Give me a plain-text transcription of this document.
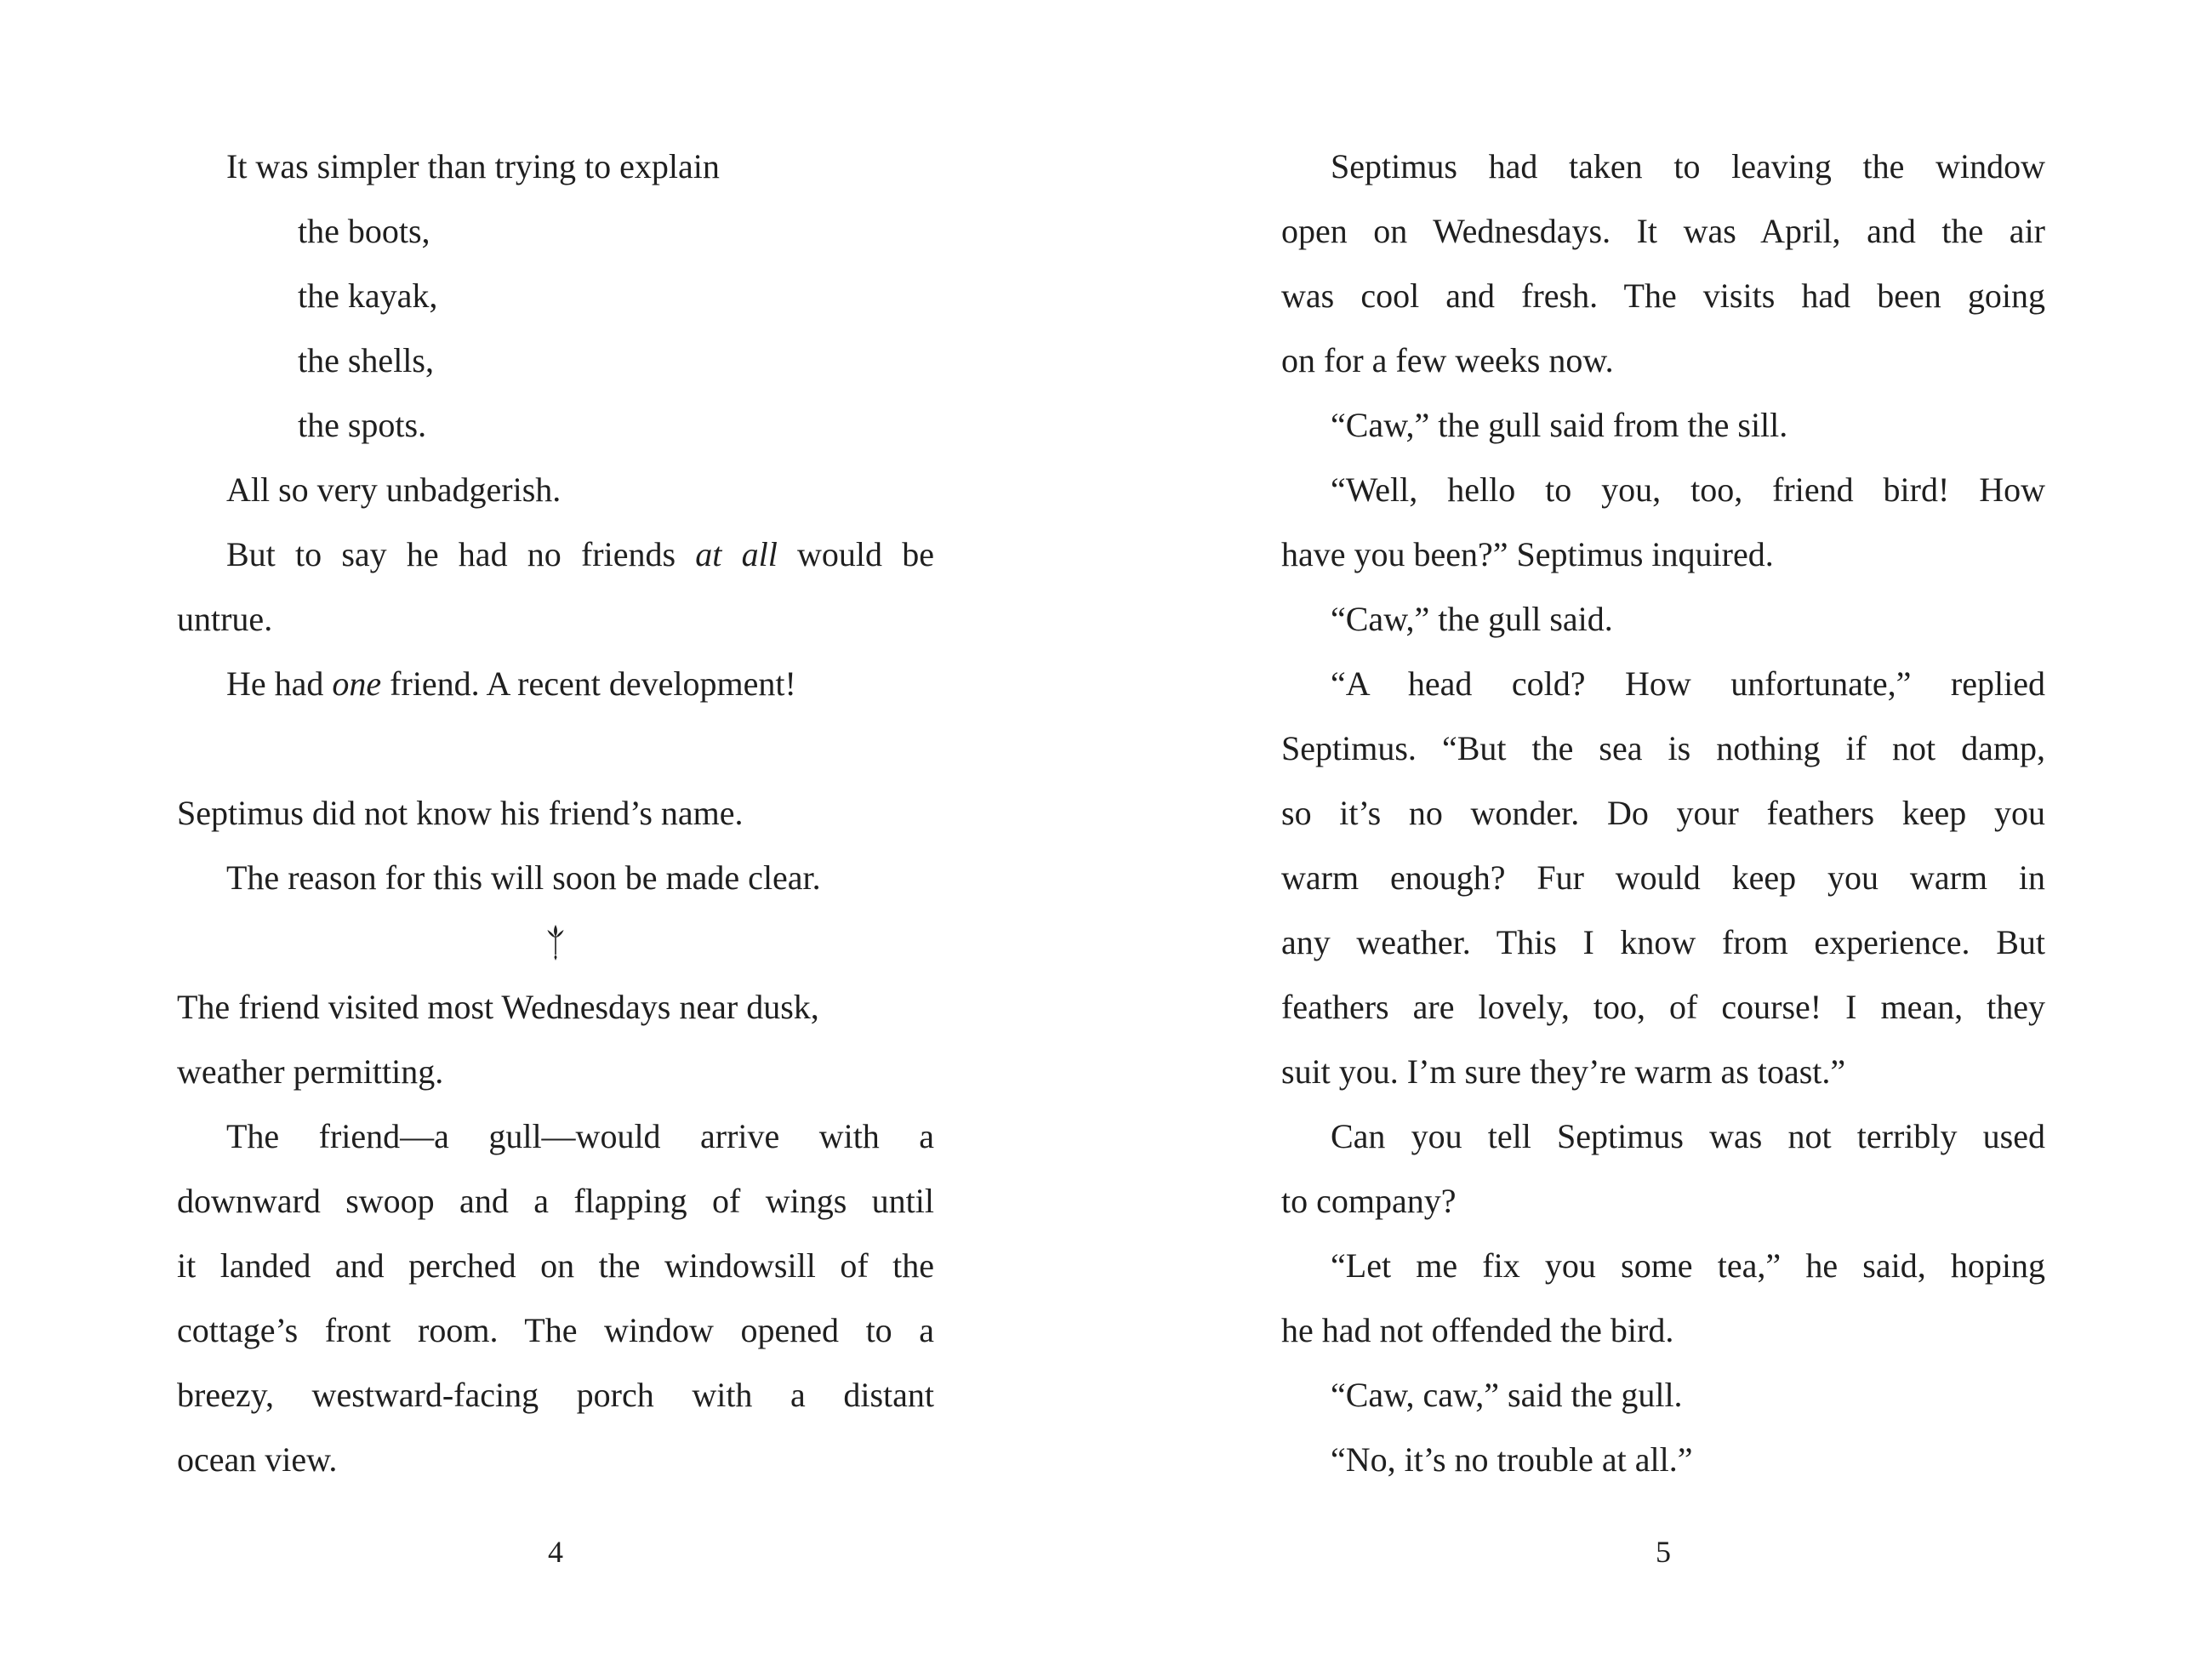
It was simpler than trying to explain
the boots,
the kayak,
the shells,
the spots.
All so very unbadgerish.
But to say he had no friends at all would be
untrue.
He had one friend. A recent development!
Septimus did not know his friend’s name.
The reason for this will soon be made clear.
The friend visited most Wednesdays near dusk,
weather permitting.
The friend—a gull—would arrive with a
downward swoop and a flapping of wings until
it landed and perched on the windowsill of the
cottage’s front room. The window opened to a
breezy, westward-facing porch with a distant
ocean view.
4
Septimus had taken to leaving the window
open on Wednesdays. It was April, and the air
was cool and fresh. The visits had been going
on for a few weeks now.
“Caw,” the gull said from the sill.
“Well, hello to you, too, friend bird! How
have you been?” Septimus inquired.
“Caw,” the gull said.
“A head cold? How unfortunate,” replied
Septimus. “But the sea is nothing if not damp,
so it’s no wonder. Do your feathers keep you
warm enough? Fur would keep you warm in
any weather. This I know from experience. But
feathers are lovely, too, of course! I mean, they
suit you. I’m sure they’re warm as toast.”
Can you tell Septimus was not terribly used
to company?
“Let me fix you some tea,” he said, hoping
he had not offended the bird.
“Caw, caw,” said the gull.
“No, it’s no trouble at all.”
5
